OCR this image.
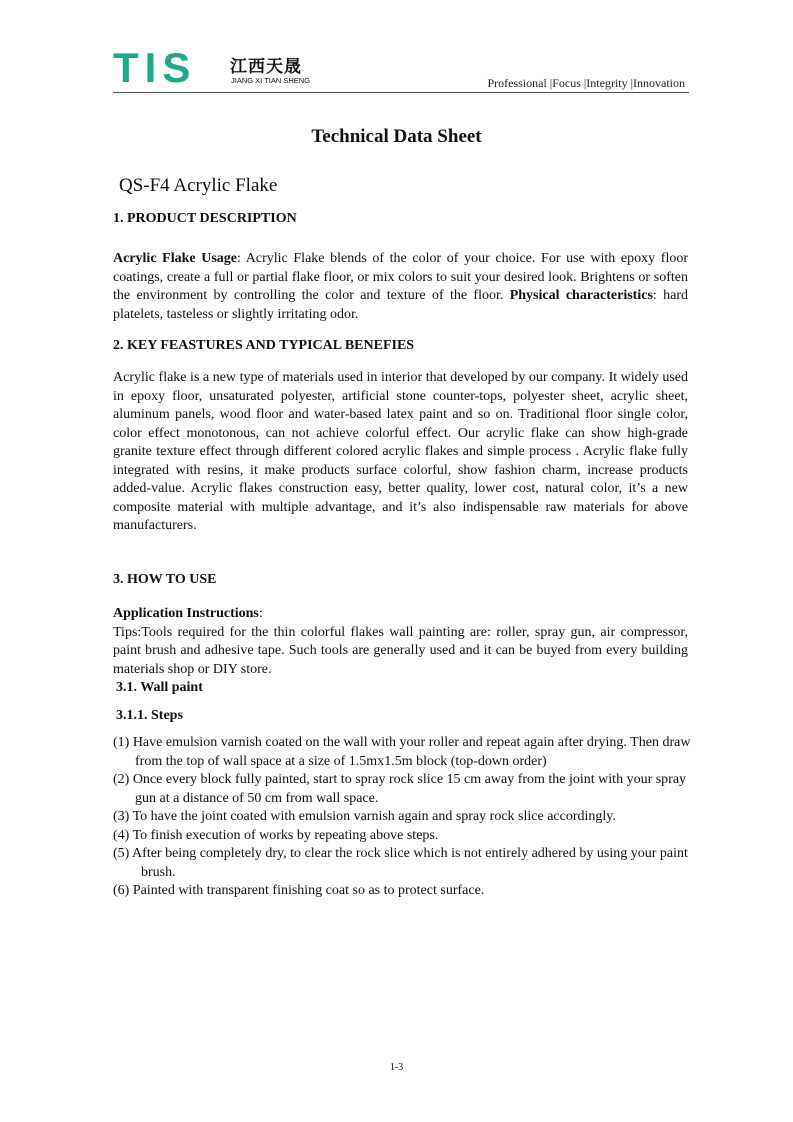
TIS 江西天晟
JIANG XI TIAN SHENG	Professional |Focus |Integrity |Innovation
Technical Data Sheet
QS-F4 Acrylic Flake
1. PRODUCT DESCRIPTION

Acrylic Flake Usage: Acrylic Flake blends of the color of your choice. For use with epoxy floor coatings, create a full or partial flake floor, or mix colors to suit your desired look. Brightens or soften the environment by controlling the color and texture of the floor. Physical characteristics: hard platelets, tasteless or slightly irritating odor.

2. KEY FEASTURES AND TYPICAL BENEFIES

Acrylic flake is a new type of materials used in interior that developed by our company. It widely used in epoxy floor, unsaturated polyester, artificial stone counter-tops, polyester sheet, acrylic sheet, aluminum panels, wood floor and water-based latex paint and so on. Traditional floor single color, color effect monotonous, can not achieve colorful effect. Our acrylic flake can show high-grade granite texture effect through different colored acrylic flakes and simple process . Acrylic flake fully integrated with resins, it make products surface colorful, show fashion charm, increase products added-value. Acrylic flakes construction easy, better quality, lower cost, natural color, it’s a new composite material with multiple advantage, and it’s also indispensable raw materials for above manufacturers.

3. HOW TO USE

Application Instructions:
Tips:Tools required for the thin colorful flakes wall painting are: roller, spray gun, air compressor, paint brush and adhesive tape. Such tools are generally used and it can be buyed from every building materials shop or DIY store.

3.1. Wall paint
3.1.1. Steps
(1) Have emulsion varnish coated on the wall with your roller and repeat again after drying. Then draw from the top of wall space at a size of 1.5mx1.5m block (top-down order)
(2) Once every block fully painted, start to spray rock slice 15 cm away from the joint with your spray gun at a distance of 50 cm from wall space.
(3) To have the joint coated with emulsion varnish again and spray rock slice accordingly.
(4) To finish execution of works by repeating above steps.
(5) After being completely dry, to clear the rock slice which is not entirely adhered by using your paint brush.
(6) Painted with transparent finishing coat so as to protect surface.
1-3
